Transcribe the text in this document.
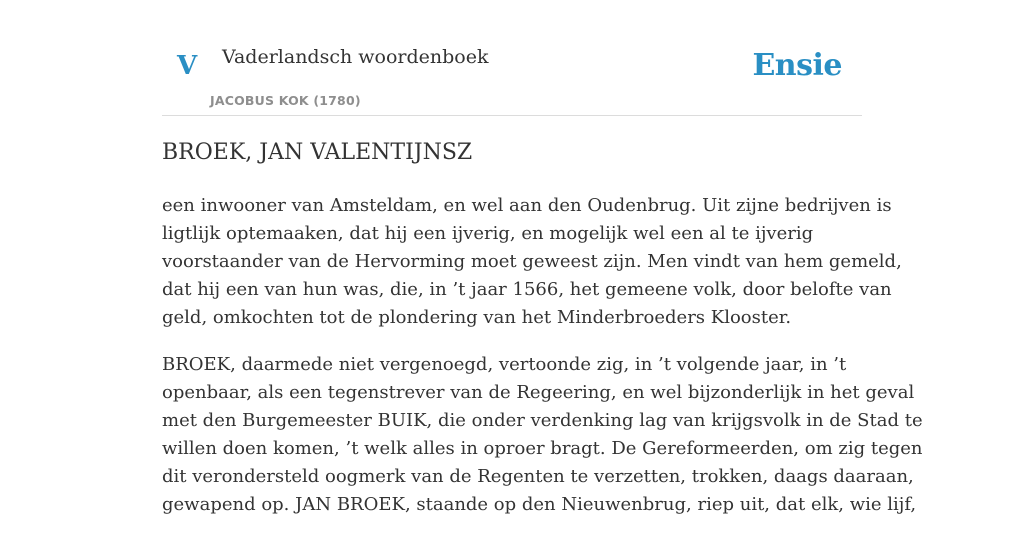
V Vaderlandsch woordenboek
JACOBUS KOK (1780)
Ensie
BROEK, JAN VALENTIJNSZ

een inwooner van Amsteldam, en wel aan den Oudenbrug. Uit zijne bedrijven is
ligtlijk optemaaken, dat hij een ijverig, en mogelijk wel een al te ijverig
voorstaander van de Hervorming moet geweest zijn. Men vindt van hem gemeld,
dat hij een van hun was, die, in ’t jaar 1566, het gemeene volk, door belofte van
geld, omkochten tot de plondering van het Minderbroeders Klooster.

BROEK, daarmede niet vergenoegd, vertoonde zig, in ’t volgende jaar, in ’t
openbaar, als een tegenstrever van de Regeering, en wel bijzonderlijk in het geval
met den Burgemeester BUIK, die onder verdenking lag van krijgsvolk in de Stad te
willen doen komen, ’t welk alles in oproer bragt. De Gereformeerden, om zig tegen
dit verondersteld oogmerk van de Regenten te verzetten, trokken, daags daaraan,
gewapend op. JAN BROEK, staande op den Nieuwenbrug, riep uit, dat elk, wie lijf,
